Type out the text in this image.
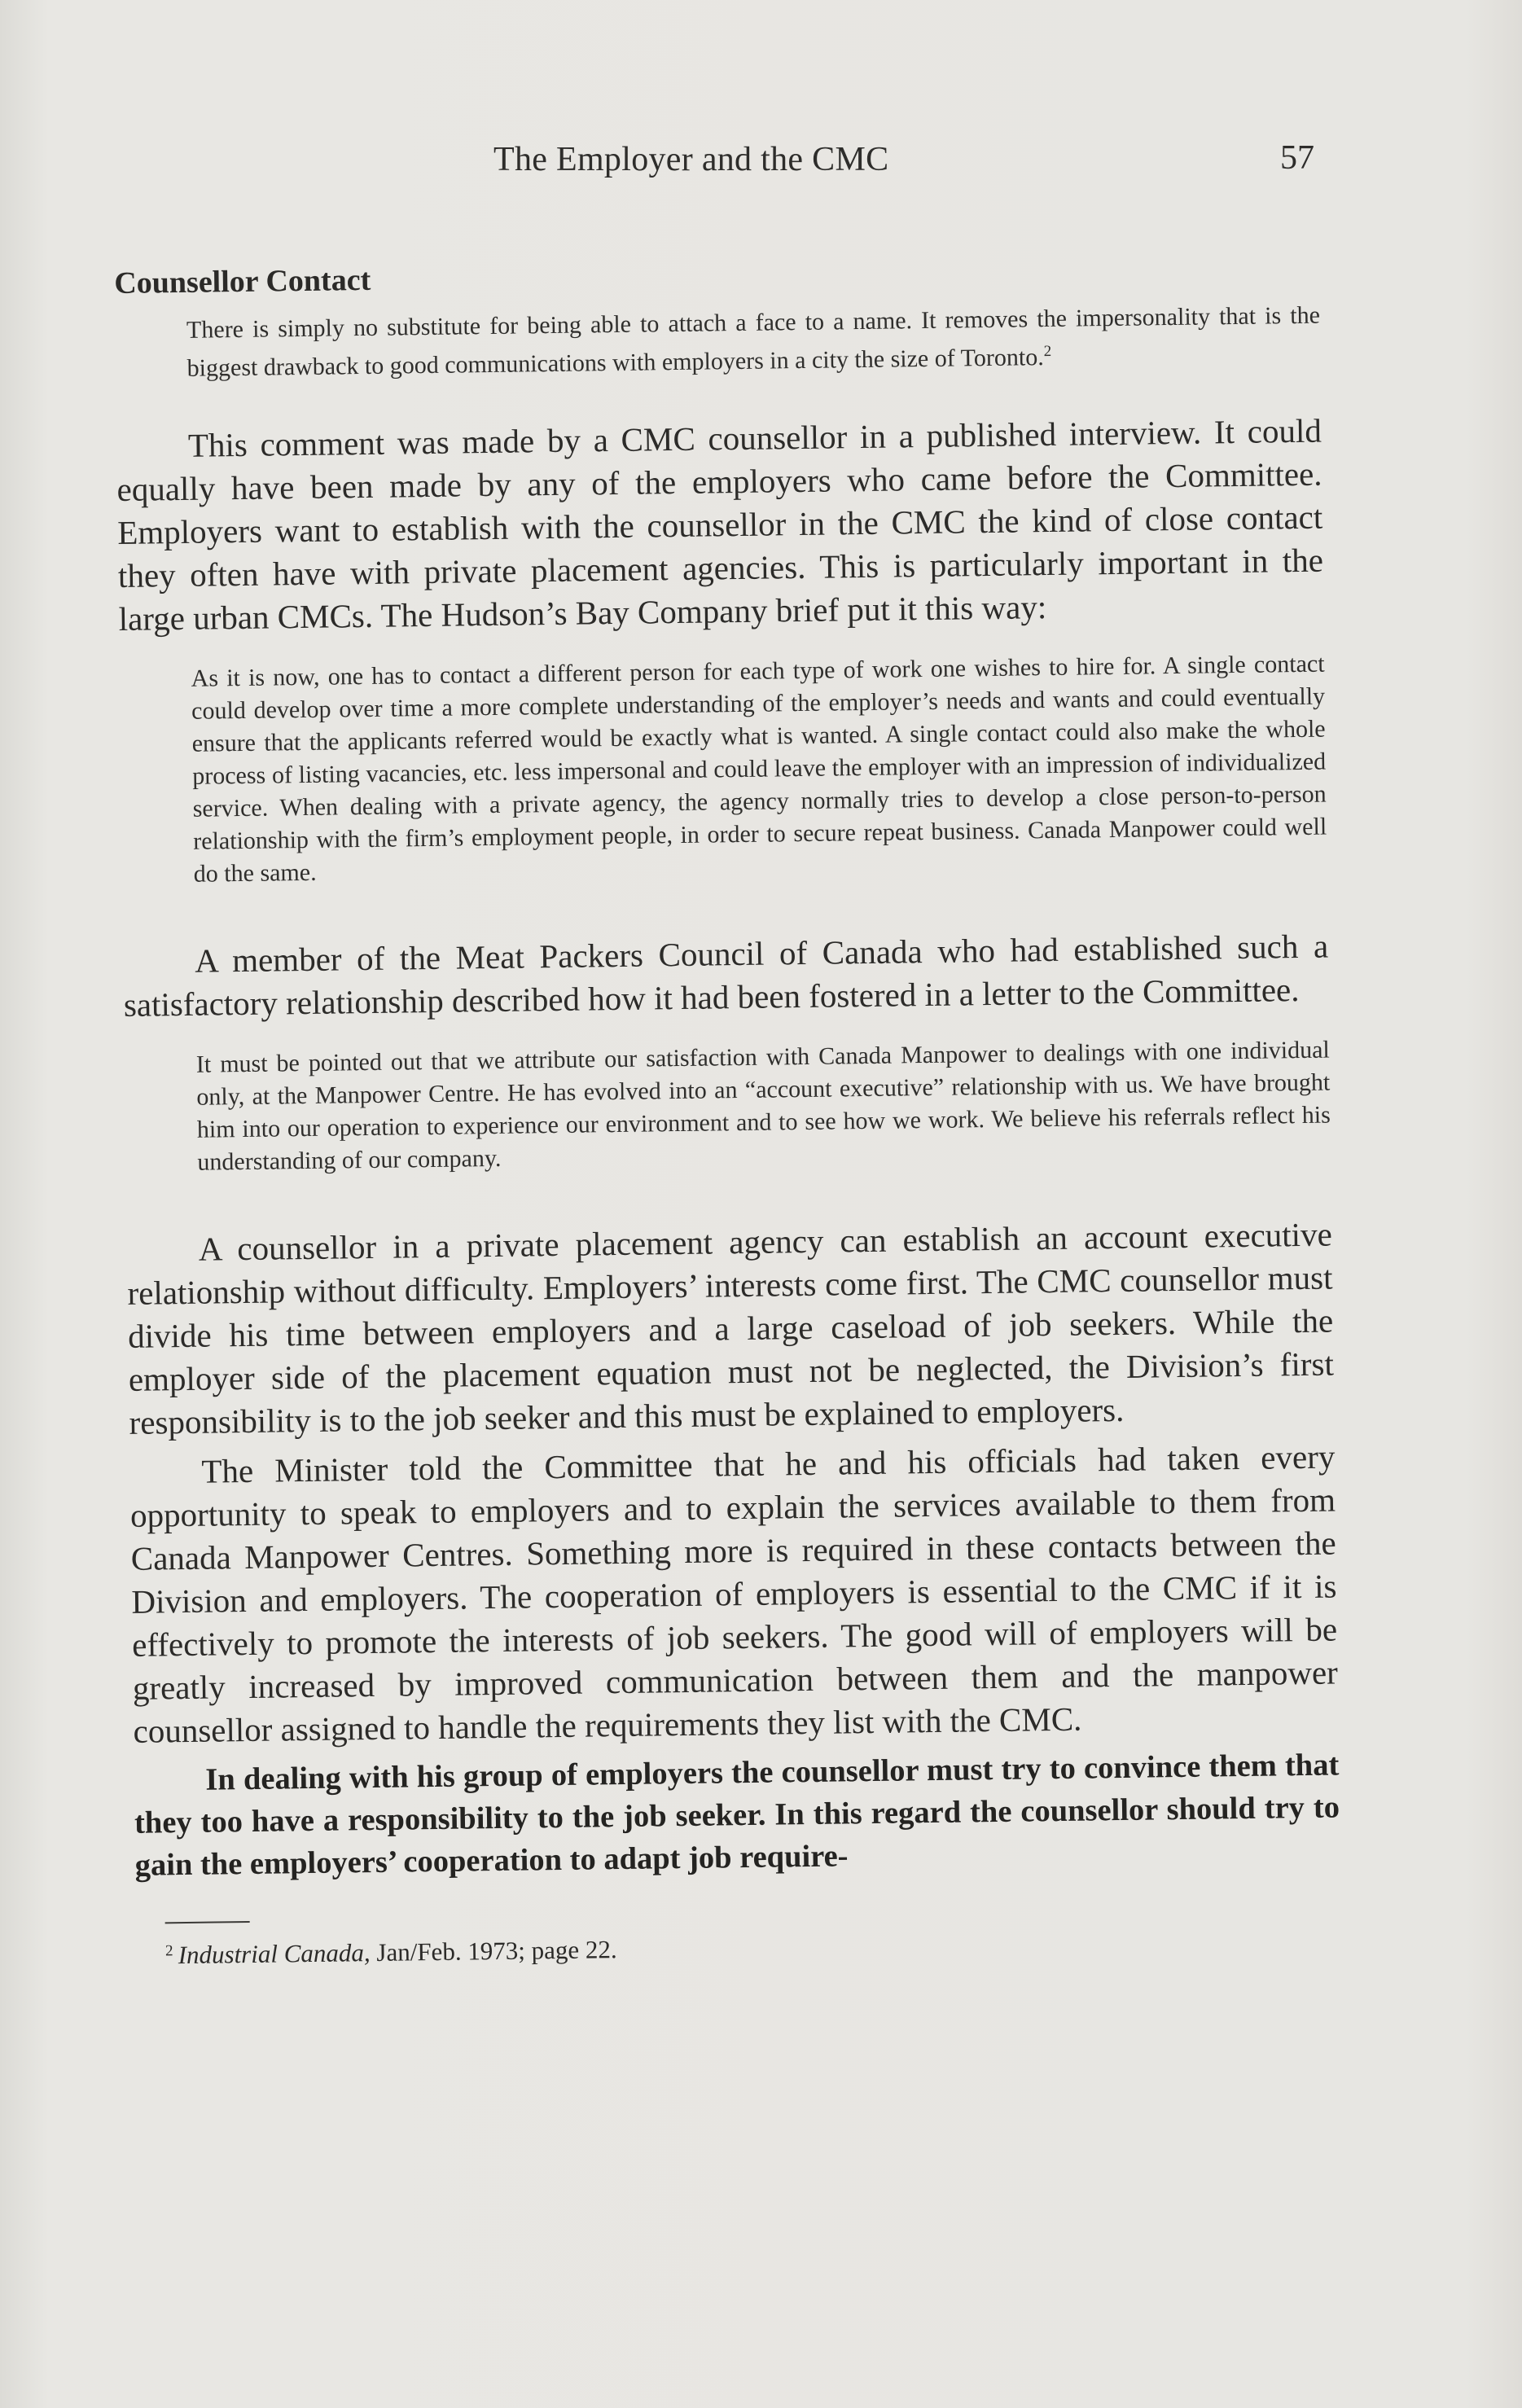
The Employer and the CMC	57
Counsellor Contact

There is simply no substitute for being able to attach a face to a name. It removes the impersonality that is the biggest drawback to good communications with employers in a city the size of Toronto.$^2$

This comment was made by a CMC counsellor in a published interview. It could equally have been made by any of the employers who came before the Committee. Employers want to establish with the counsellor in the CMC the kind of close contact they often have with private placement agencies. This is particularly important in the large urban CMCs. The Hudson’s Bay Company brief put it this way:

As it is now, one has to contact a different person for each type of work one wishes to hire for. A single contact could develop over time a more complete understanding of the employer’s needs and wants and could eventually ensure that the applicants referred would be exactly what is wanted. A single contact could also make the whole process of listing vacancies, etc. less impersonal and could leave the employer with an impression of individualized service. When dealing with a private agency, the agency normally tries to develop a close person-to-person relationship with the firm’s employment people, in order to secure repeat business. Canada Manpower could well do the same.

A member of the Meat Packers Council of Canada who had established such a satisfactory relationship described how it had been fostered in a letter to the Committee.

It must be pointed out that we attribute our satisfaction with Canada Manpower to dealings with one individual only, at the Manpower Centre. He has evolved into an “account executive” relationship with us. We have brought him into our operation to experience our environment and to see how we work. We believe his referrals reflect his understanding of our company.

A counsellor in a private placement agency can establish an account executive relationship without difficulty. Employers’ interests come first. The CMC counsellor must divide his time between employers and a large caseload of job seekers. While the employer side of the placement equation must not be neglected, the Division’s first responsibility is to the job seeker and this must be explained to employers.

The Minister told the Committee that he and his officials had taken every opportunity to speak to employers and to explain the services available to them from Canada Manpower Centres. Something more is required in these contacts between the Division and employers. The cooperation of employers is essential to the CMC if it is effectively to promote the interests of job seekers. The good will of employers will be greatly increased by improved communication between them and the manpower counsellor assigned to handle the requirements they list with the CMC.

In dealing with his group of employers the counsellor must try to convince them that they too have a responsibility to the job seeker. In this regard the counsellor should try to gain the employers’ cooperation to adapt job require-

$^2$ Industrial Canada, Jan/Feb. 1973; page 22.
